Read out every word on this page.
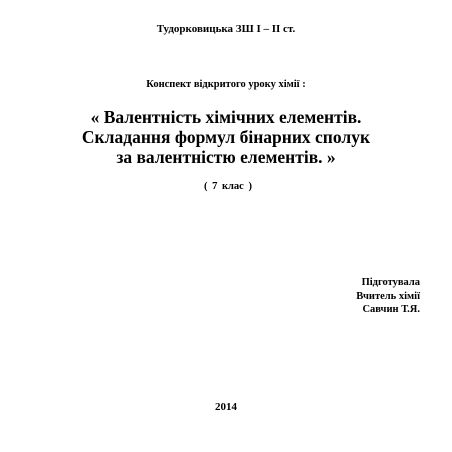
Тудорковицька ЗШ І – ІІ ст.
Конспект відкритого уроку хімії :
« Валентність хімічних елементів.
Складання формул бінарних сполук
за валентністю елементів. »
( 7 клас )
Підготувала
Вчитель хімії
Савчин Т.Я.
2014
